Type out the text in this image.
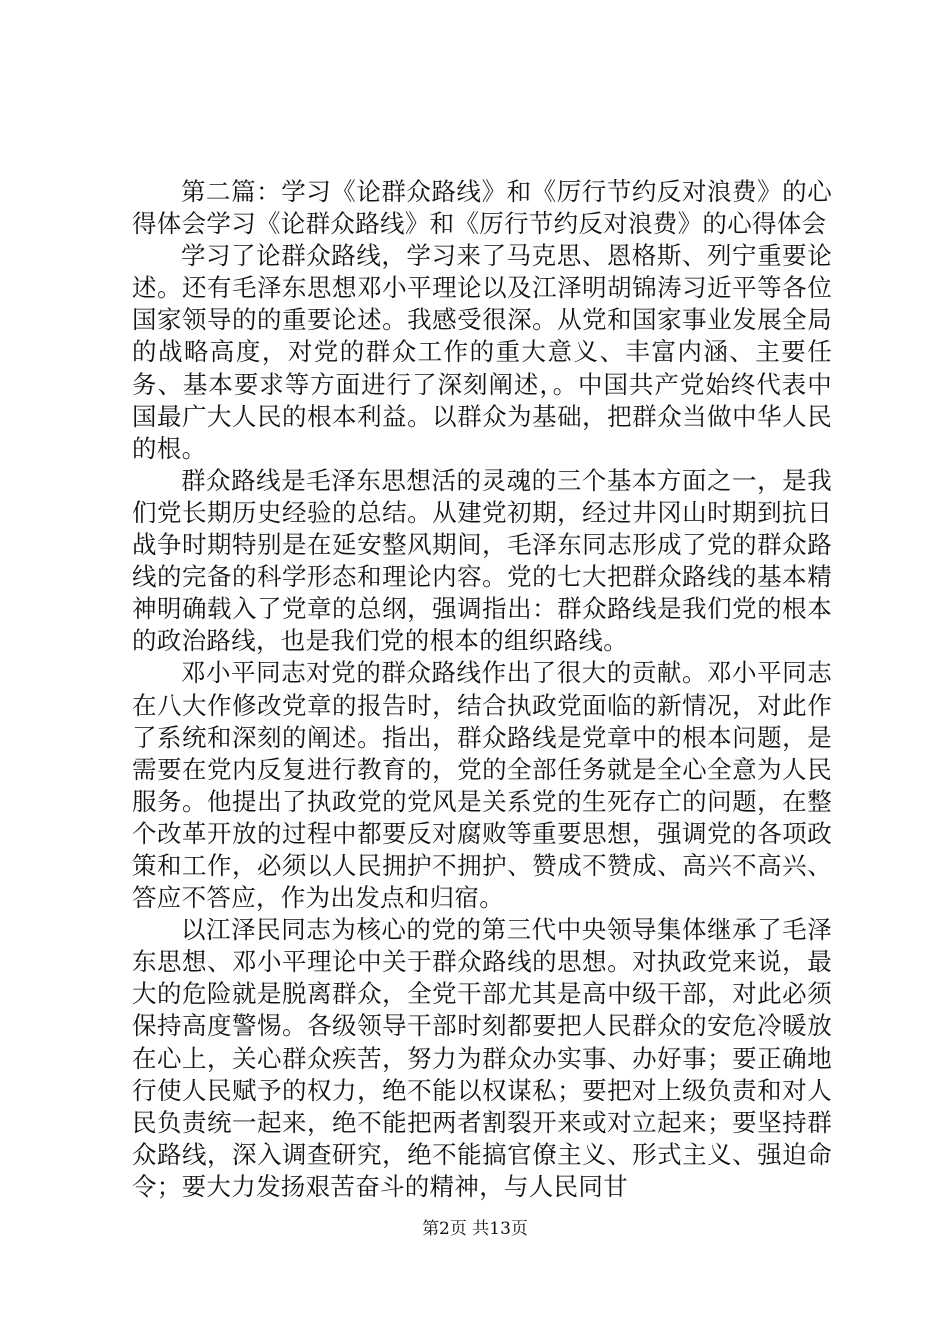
第二篇：学习《论群众路线》和《厉行节约反对浪费》的心得体会学习《论群众路线》和《厉行节约反对浪费》的心得体会

学习了论群众路线，学习来了马克思、恩格斯、列宁重要论述。还有毛泽东思想邓小平理论以及江泽明胡锦涛习近平等各位国家领导的的重要论述。我感受很深。从党和国家事业发展全局的战略高度，对党的群众工作的重大意义、丰富内涵、主要任务、基本要求等方面进行了深刻阐述，。中国共产党始终代表中国最广大人民的根本利益。以群众为基础，把群众当做中华人民的根。

群众路线是毛泽东思想活的灵魂的三个基本方面之一，是我们党长期历史经验的总结。从建党初期，经过井冈山时期到抗日战争时期特别是在延安整风期间，毛泽东同志形成了党的群众路线的完备的科学形态和理论内容。党的七大把群众路线的基本精神明确载入了党章的总纲，强调指出：群众路线是我们党的根本的政治路线，也是我们党的根本的组织路线。

邓小平同志对党的群众路线作出了很大的贡献。邓小平同志在八大作修改党章的报告时，结合执政党面临的新情况，对此作了系统和深刻的阐述。指出，群众路线是党章中的根本问题，是需要在党内反复进行教育的，党的全部任务就是全心全意为人民服务。他提出了执政党的党风是关系党的生死存亡的问题，在整个改革开放的过程中都要反对腐败等重要思想，强调党的各项政策和工作，必须以人民拥护不拥护、赞成不赞成、高兴不高兴、答应不答应，作为出发点和归宿。

以江泽民同志为核心的党的第三代中央领导集体继承了毛泽东思想、邓小平理论中关于群众路线的思想。对执政党来说，最大的危险就是脱离群众，全党干部尤其是高中级干部，对此必须保持高度警惕。各级领导干部时刻都要把人民群众的安危冷暖放在心上，关心群众疾苦，努力为群众办实事、办好事；要正确地行使人民赋予的权力，绝不能以权谋私；要把对上级负责和对人民负责统一起来，绝不能把两者割裂开来或对立起来；要坚持群众路线，深入调查研究，绝不能搞官僚主义、形式主义、强迫命令；要大力发扬艰苦奋斗的精神，与人民同甘

第2页 共13页
